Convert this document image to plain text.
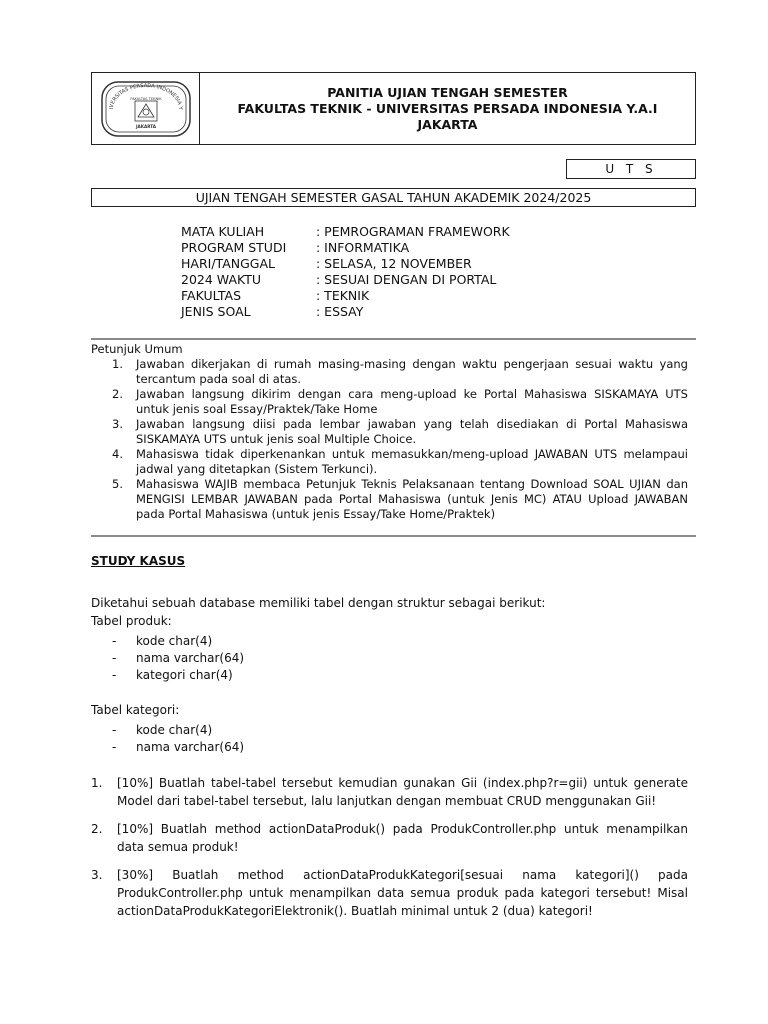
IVERSITAS PERSADA INDONESIA Y
FAKULTAS TEKNIK
JAKARTA
PANITIA UJIAN TENGAH SEMESTER
FAKULTAS TEKNIK - UNIVERSITAS PERSADA INDONESIA Y.A.I
JAKARTA
U T S
UJIAN TENGAH SEMESTER GASAL TAHUN AKADEMIK 2024/2025
MATA KULIAH	: PEMROGRAMAN FRAMEWORK
PROGRAM STUDI	: INFORMATIKA
HARI/TANGGAL	: SELASA, 12 NOVEMBER
2024 WAKTU	: SESUAI DENGAN DI PORTAL
FAKULTAS	: TEKNIK
JENIS SOAL	: ESSAY
Petunjuk Umum
1.	Jawaban dikerjakan di rumah masing-masing dengan waktu pengerjaan sesuai waktu yang tercantum pada soal di atas.
2.	Jawaban langsung dikirim dengan cara meng-upload ke Portal Mahasiswa SISKAMAYA UTS untuk jenis soal Essay/Praktek/Take Home
3.	Jawaban langsung diisi pada lembar jawaban yang telah disediakan di Portal Mahasiswa SISKAMAYA UTS untuk jenis soal Multiple Choice.
4.	Mahasiswa tidak diperkenankan untuk memasukkan/meng-upload JAWABAN UTS melampaui jadwal yang ditetapkan (Sistem Terkunci).
5.	Mahasiswa WAJIB membaca Petunjuk Teknis Pelaksanaan tentang Download SOAL UJIAN dan MENGISI LEMBAR JAWABAN pada Portal Mahasiswa (untuk Jenis MC) ATAU Upload JAWABAN pada Portal Mahasiswa (untuk jenis Essay/Take Home/Praktek)
STUDY KASUS
Diketahui sebuah database memiliki tabel dengan struktur sebagai berikut:
Tabel produk:
-	kode char(4)
-	nama varchar(64)
-	kategori char(4)
Tabel kategori:
-	kode char(4)
-	nama varchar(64)
1.	[10%] Buatlah tabel-tabel tersebut kemudian gunakan Gii (index.php?r=gii) untuk generate Model dari tabel-tabel tersebut, lalu lanjutkan dengan membuat CRUD menggunakan Gii!
2.	[10%] Buatlah method actionDataProduk() pada ProdukController.php untuk menampilkan data semua produk!
3.	[30%] Buatlah method actionDataProdukKategori[sesuai nama kategori]() pada ProdukController.php untuk menampilkan data semua produk pada kategori tersebut! Misal actionDataProdukKategoriElektronik(). Buatlah minimal untuk 2 (dua) kategori!
